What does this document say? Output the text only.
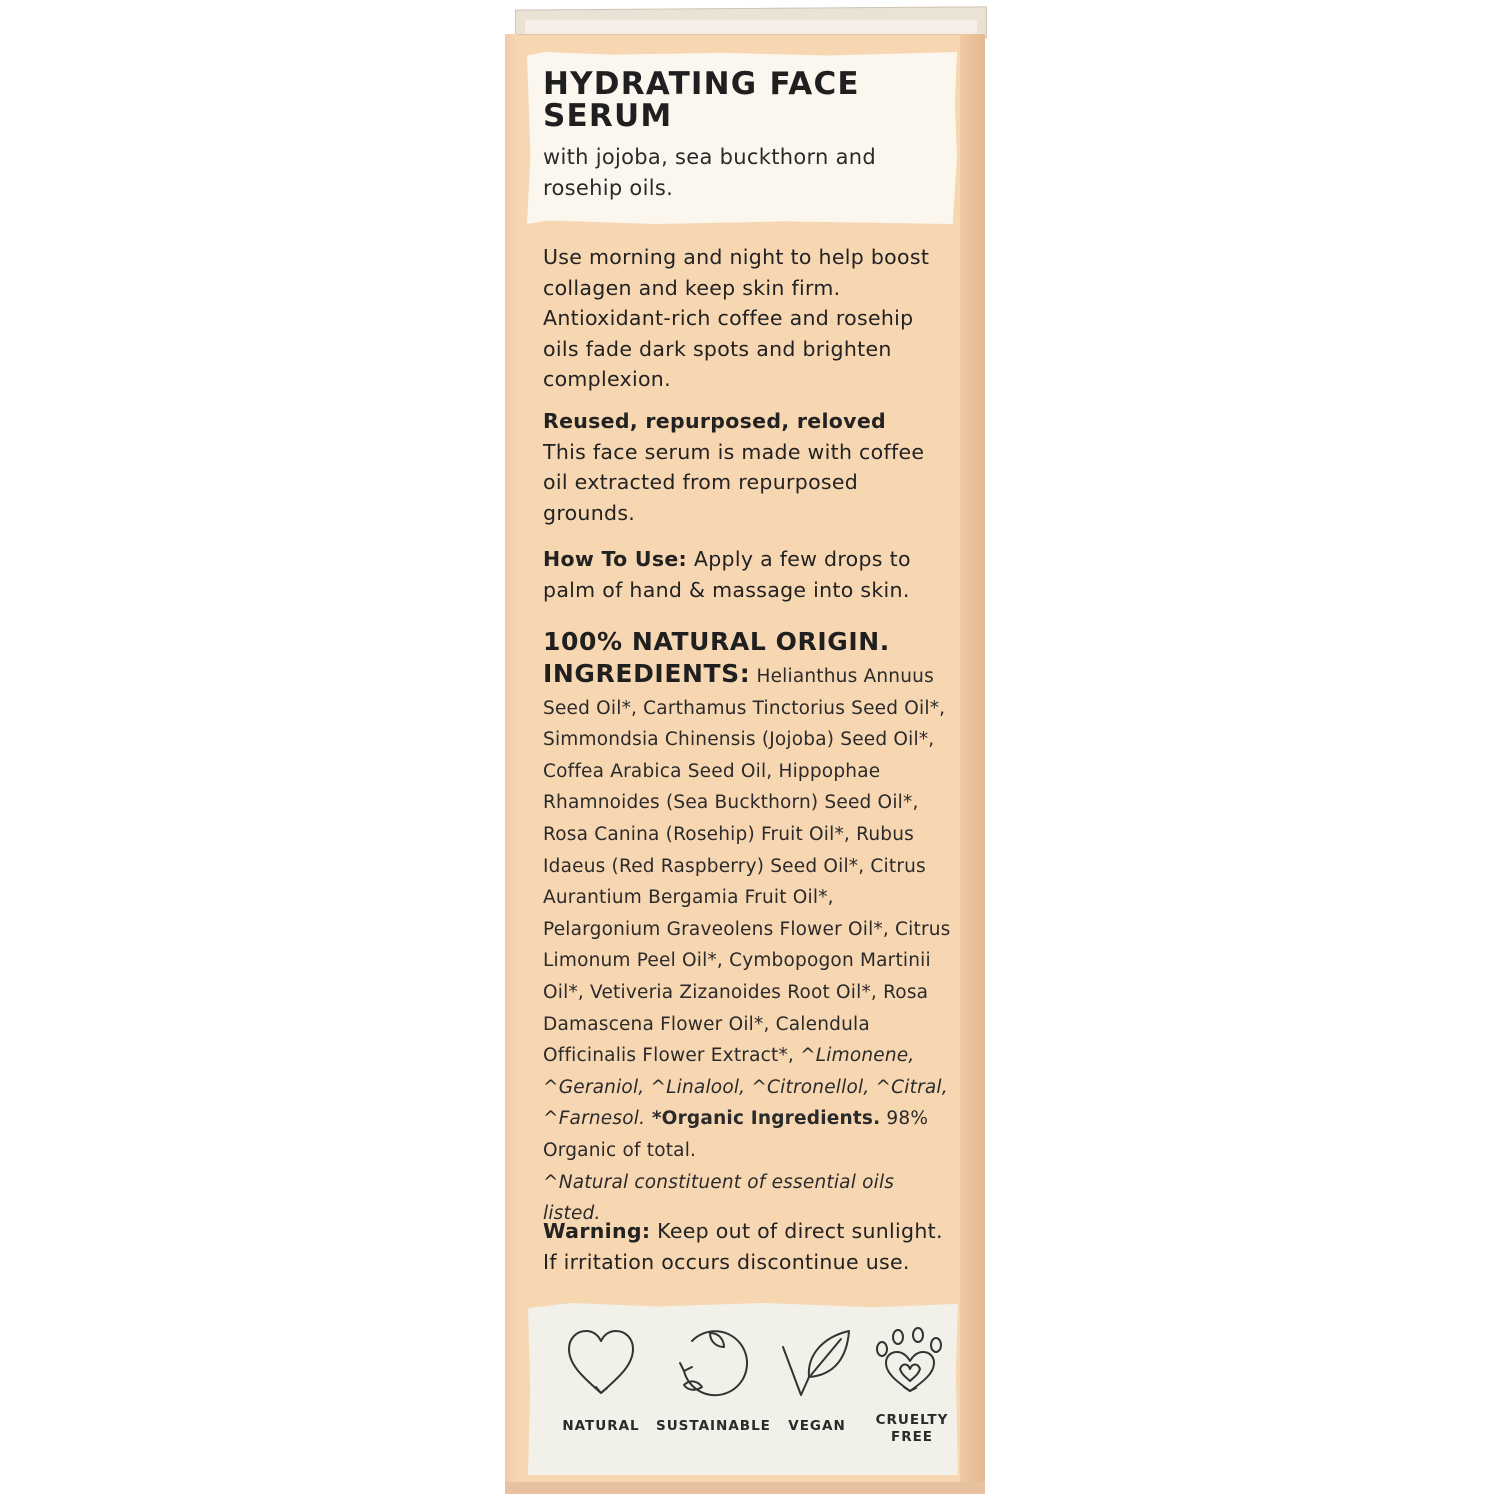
HYDRATING FACE
SERUM
with jojoba, sea buckthorn and rosehip oils.
Use morning and night to help boost collagen and keep skin firm. Antioxidant-rich coffee and rosehip oils fade dark spots and brighten complexion.
Reused, repurposed, reloved
This face serum is made with coffee oil extracted from repurposed grounds.
How To Use: Apply a few drops to palm of hand & massage into skin.
100% NATURAL ORIGIN.
INGREDIENTS: Helianthus Annuus Seed Oil*, Carthamus Tinctorius Seed Oil*, Simmondsia Chinensis (Jojoba) Seed Oil*, Coffea Arabica Seed Oil, Hippophae Rhamnoides (Sea Buckthorn) Seed Oil*, Rosa Canina (Rosehip) Fruit Oil*, Rubus Idaeus (Red Raspberry) Seed Oil*, Citrus Aurantium Bergamia Fruit Oil*, Pelargonium Graveolens Flower Oil*, Citrus Limonum Peel Oil*, Cymbopogon Martinii Oil*, Vetiveria Zizanoides Root Oil*, Rosa Damascena Flower Oil*, Calendula Officinalis Flower Extract*, ^Limonene, ^Geraniol, ^Linalool, ^Citronellol, ^Citral, ^Farnesol. *Organic Ingredients. 98% Organic of total.
^Natural constituent of essential oils listed.
Warning: Keep out of direct sunlight. If irritation occurs discontinue use.
NATURAL	SUSTAINABLE	VEGAN	CRUELTY FREE
